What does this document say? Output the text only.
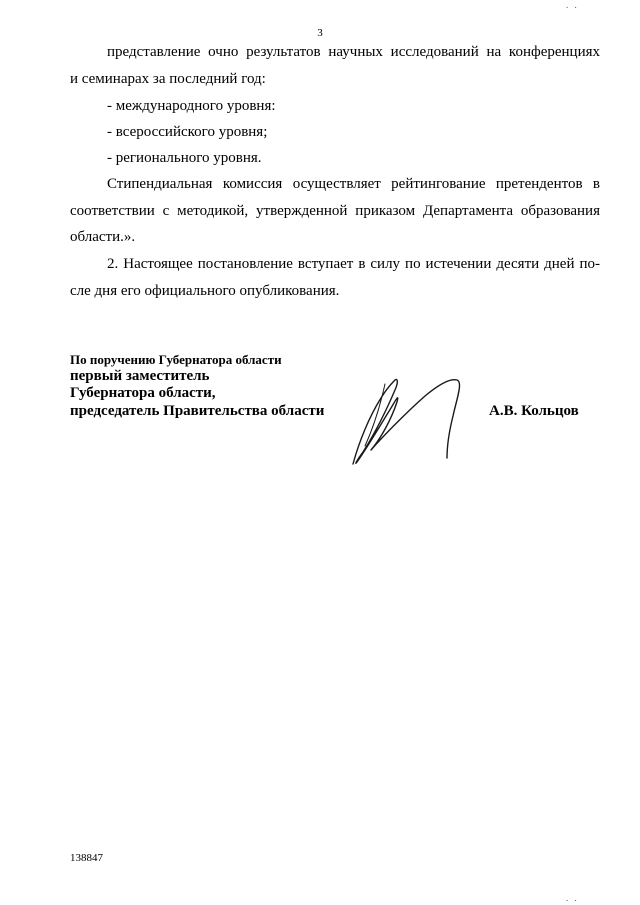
. .
3
представление очно результатов научных исследований на конференциях
и семинарах за последний год:
- международного уровня:
- всероссийского уровня;
- регионального уровня.
Стипендиальная комиссия осуществляет рейтингование претендентов в
соответствии с методикой, утвержденной приказом Департамента образования
области.».
2. Настоящее постановление вступает в силу по истечении десяти дней по-
сле дня его официального опубликования.
По поручению Губернатора области
первый заместитель
Губернатора области,
председатель Правительства области	А.В. Кольцов
138847
. .
